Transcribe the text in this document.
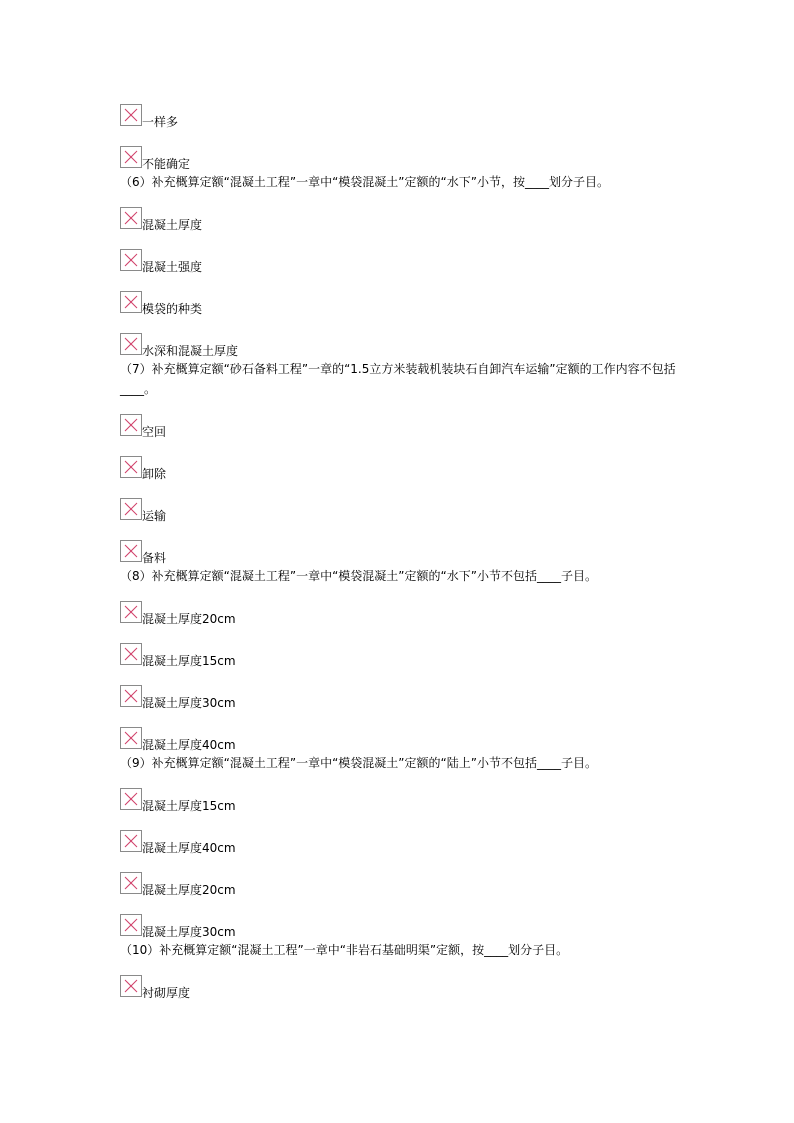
一样多
不能确定
（6）补充概算定额“混凝土工程”一章中“模袋混凝土”定额的“水下”小节，按____划分子目。
混凝土厚度
混凝土强度
模袋的种类
水深和混凝土厚度
（7）补充概算定额“砂石备料工程”一章的“1.5立方米装载机装块石自卸汽车运输”定额的工作内容不包括____。
空回
卸除
运输
备料
（8）补充概算定额“混凝土工程”一章中“模袋混凝土”定额的“水下”小节不包括____子目。
混凝土厚度20cm
混凝土厚度15cm
混凝土厚度30cm
混凝土厚度40cm
（9）补充概算定额“混凝土工程”一章中“模袋混凝土”定额的“陆上”小节不包括____子目。
混凝土厚度15cm
混凝土厚度40cm
混凝土厚度20cm
混凝土厚度30cm
（10）补充概算定额“混凝土工程”一章中“非岩石基础明渠”定额，按____划分子目。
衬砌厚度
